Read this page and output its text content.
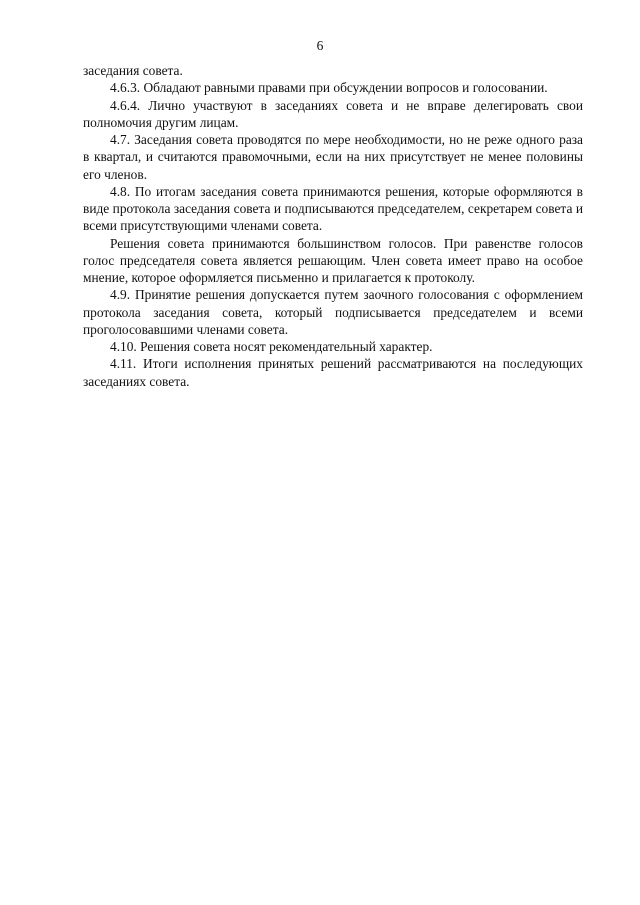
6

заседания совета.

4.6.3. Обладают равными правами при обсуждении вопросов и голосовании.

4.6.4. Лично участвуют в заседаниях совета и не вправе делегировать свои полномочия другим лицам.

4.7. Заседания совета проводятся по мере необходимости, но не реже одного раза в квартал, и считаются правомочными, если на них присутствует не менее половины его членов.

4.8. По итогам заседания совета принимаются решения, которые оформляются в виде протокола заседания совета и подписываются председателем, секретарем совета и всеми присутствующими членами совета.

Решения совета принимаются большинством голосов. При равенстве голосов голос председателя совета является решающим. Член совета имеет право на особое мнение, которое оформляется письменно и прилагается к протоколу.

4.9. Принятие решения допускается путем заочного голосования с оформлением протокола заседания совета, который подписывается председателем и всеми проголосовавшими членами совета.

4.10. Решения совета носят рекомендательный характер.

4.11. Итоги исполнения принятых решений рассматриваются на последующих заседаниях совета.
